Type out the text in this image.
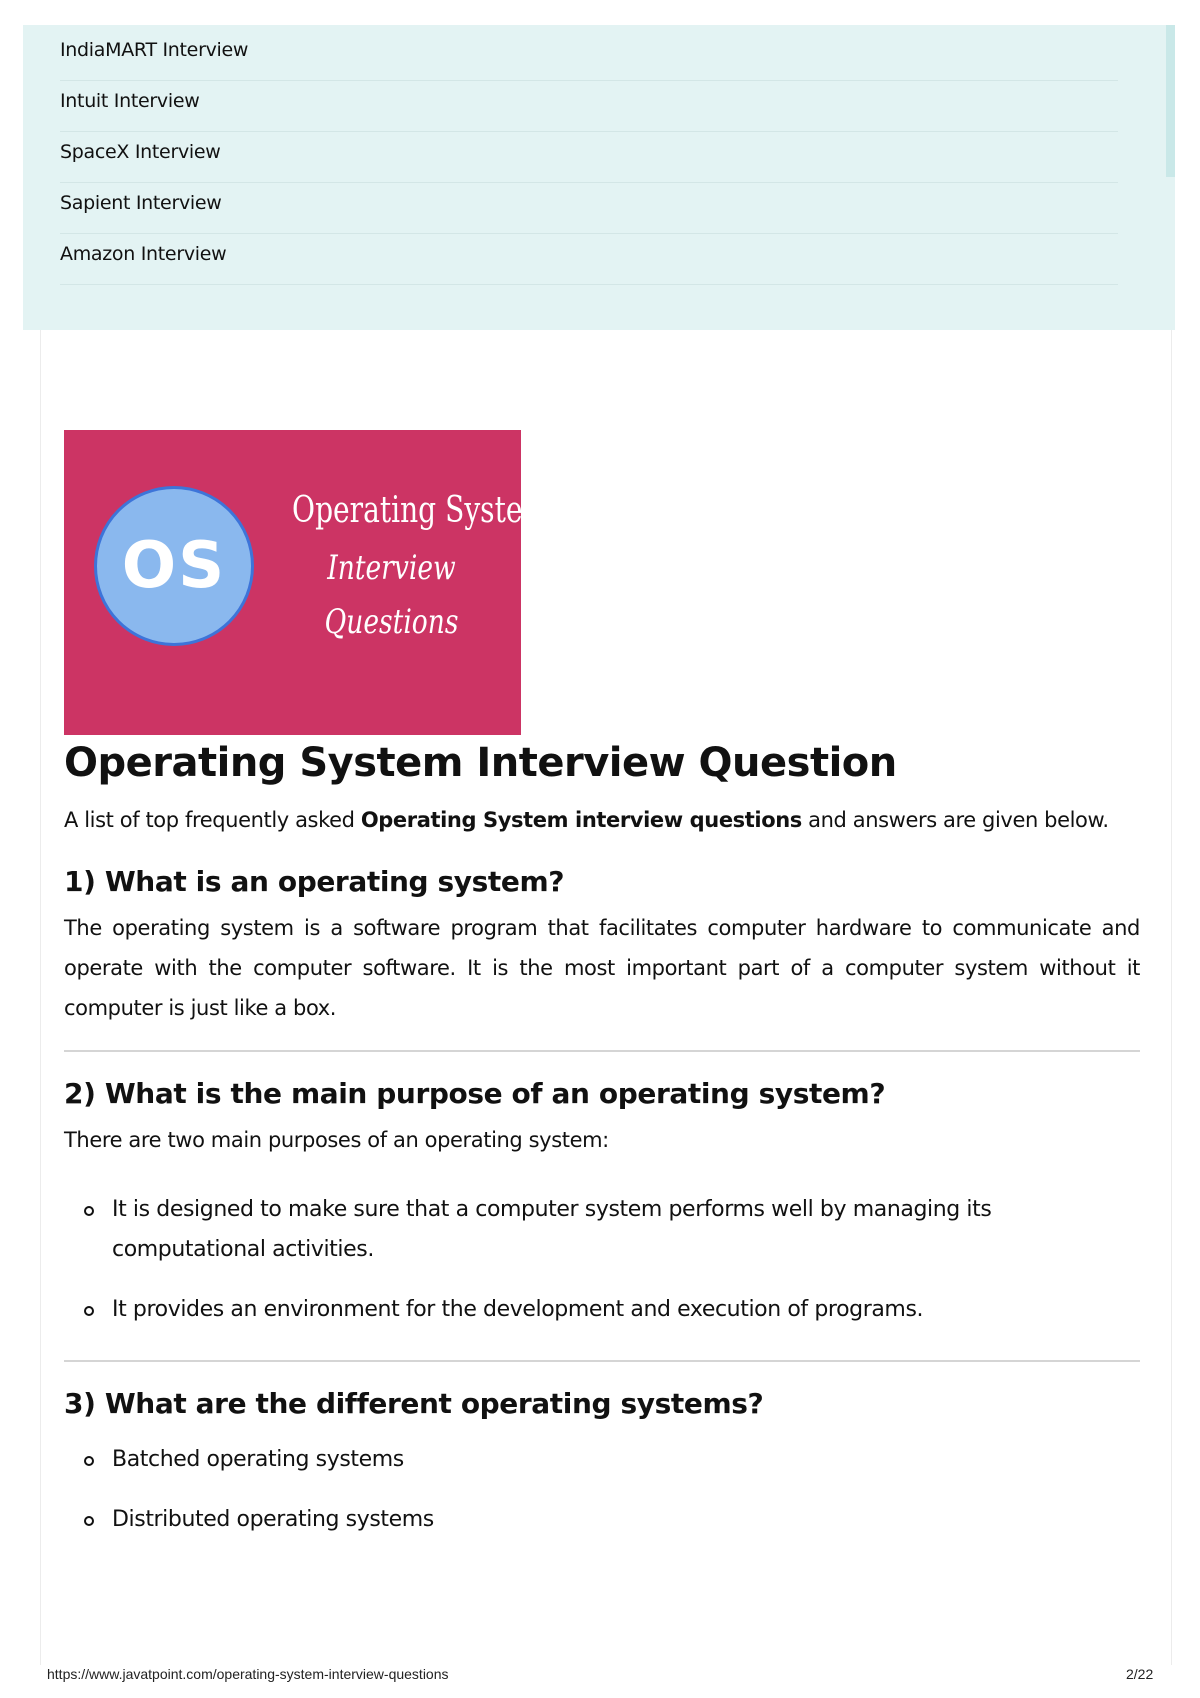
IndiaMART Interview
Intuit Interview
SpaceX Interview
Sapient Interview
Amazon Interview
OS
Operating System
Interview
Questions
Operating System Interview Question

A list of top frequently asked Operating System interview questions and answers are given below.

1) What is an operating system?

The operating system is a software program that facilitates computer hardware to communicate and operate with the computer software. It is the most important part of a computer system without it computer is just like a box.

2) What is the main purpose of an operating system?

There are two main purposes of an operating system:

It is designed to make sure that a computer system performs well by managing its computational activities.
It provides an environment for the development and execution of programs.
3) What are the different operating systems?
Batched operating systems
Distributed operating systems
https://www.javatpoint.com/operating-system-interview-questions	2/22
